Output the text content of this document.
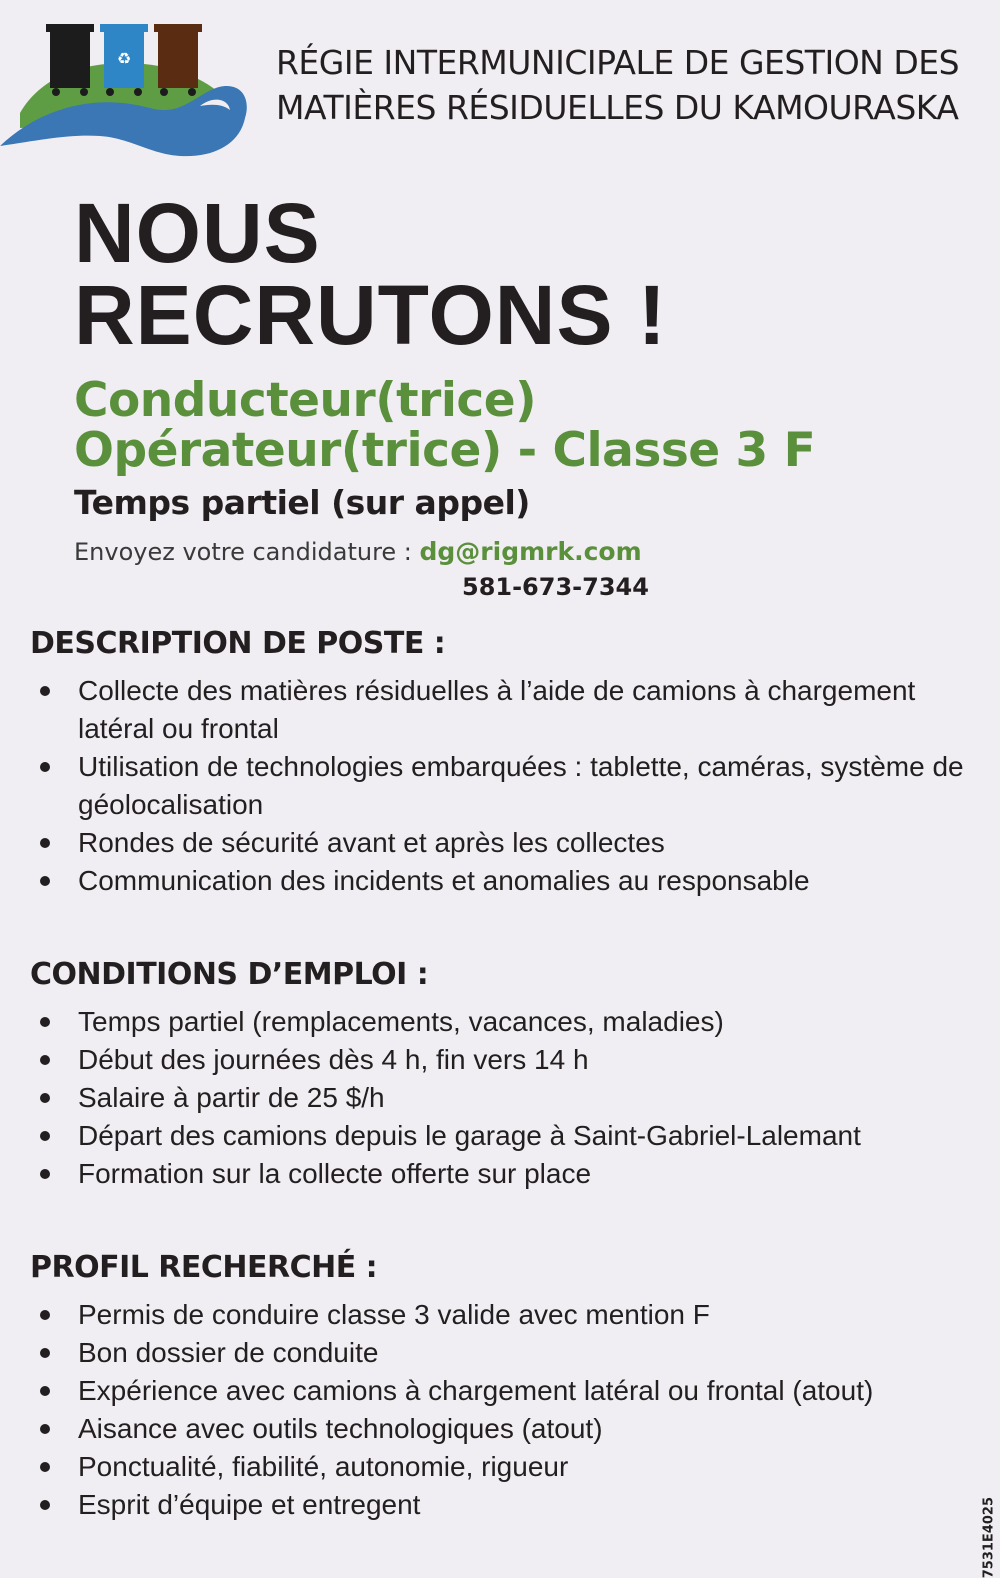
♻	RÉGIE INTERMUNICIPALE DE GESTION DES
MATIÈRES RÉSIDUELLES DU KAMOURASKA
NOUS
RECRUTONS !
Conducteur(trice)
Opérateur(trice) - Classe 3 F
Temps partiel (sur appel)
Envoyez votre candidature : dg@rigmrk.com
581-673-7344
DESCRIPTION DE POSTE :
Collecte des matières résiduelles à l’aide de camions à chargement latéral ou frontal
Utilisation de technologies embarquées : tablette, caméras, système de géolocalisation
Rondes de sécurité avant et après les collectes
Communication des incidents et anomalies au responsable
CONDITIONS D’EMPLOI :
Temps partiel (remplacements, vacances, maladies)
Début des journées dès 4 h, fin vers 14 h
Salaire à partir de 25 $/h
Départ des camions depuis le garage à Saint-Gabriel-Lalemant
Formation sur la collecte offerte sur place
PROFIL RECHERCHÉ :
Permis de conduire classe 3 valide avec mention F
Bon dossier de conduite
Expérience avec camions à chargement latéral ou frontal (atout)
Aisance avec outils technologiques (atout)
Ponctualité, fiabilité, autonomie, rigueur
Esprit d’équipe et entregent	7531E4025
